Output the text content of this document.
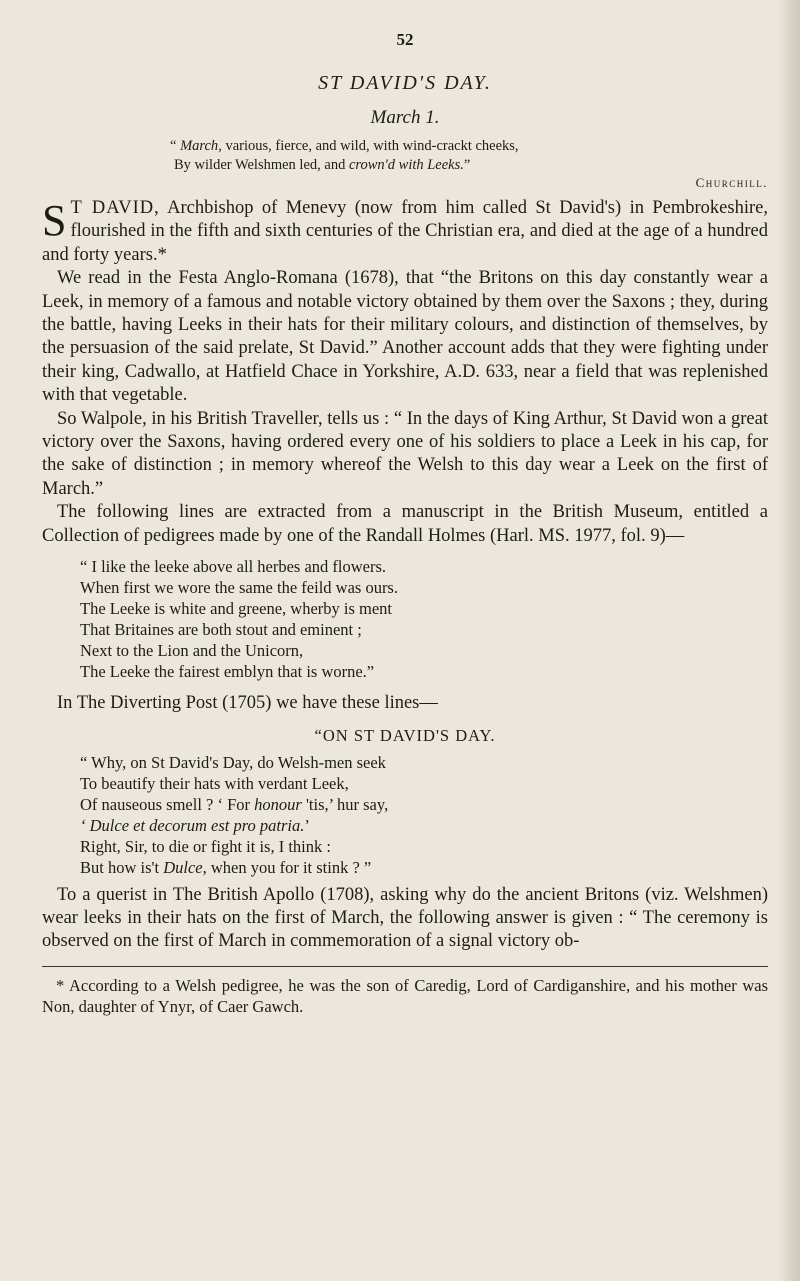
52
ST DAVID'S DAY.
March 1.
“ March, various, fierce, and wild, with wind-crackt cheeks,
By wilder Welshmen led, and crown'd with Leeks.”
Churchill.

S T DAVID, Archbishop of Menevy (now from him called St David's) in Pembrokeshire, flourished in the fifth and sixth centuries of the Christian era, and died at the age of a hundred and forty years.*

We read in the Festa Anglo-Romana (1678), that “the Britons on this day constantly wear a Leek, in memory of a famous and notable victory obtained by them over the Saxons ; they, during the battle, having Leeks in their hats for their military colours, and distinction of themselves, by the persuasion of the said prelate, St David.” Another account adds that they were fighting under their king, Cadwallo, at Hatfield Chace in Yorkshire, A.D. 633, near a field that was replenished with that vegetable.

So Walpole, in his British Traveller, tells us : “ In the days of King Arthur, St David won a great victory over the Saxons, having ordered every one of his soldiers to place a Leek in his cap, for the sake of distinction ; in memory whereof the Welsh to this day wear a Leek on the first of March.”

The following lines are extracted from a manuscript in the British Museum, entitled a Collection of pedigrees made by one of the Randall Holmes (Harl. MS. 1977, fol. 9)—

“ I like the leeke above all herbes and flowers.
When first we wore the same the feild was ours.
The Leeke is white and greene, wherby is ment
That Britaines are both stout and eminent ;
Next to the Lion and the Unicorn,
The Leeke the fairest emblyn that is worne.”

In The Diverting Post (1705) we have these lines—

“ON ST DAVID'S DAY.
“ Why, on St David's Day, do Welsh-men seek
To beautify their hats with verdant Leek,
Of nauseous smell ? ‘ For honour 'tis,’ hur say,
‘ Dulce et decorum est pro patria.’
Right, Sir, to die or fight it is, I think :
But how is't Dulce, when you for it stink ? ”

To a querist in The British Apollo (1708), asking why do the ancient Britons (viz. Welshmen) wear leeks in their hats on the first of March, the following answer is given : “ The ceremony is observed on the first of March in commemoration of a signal victory ob-

* According to a Welsh pedigree, he was the son of Caredig, Lord of Cardiganshire, and his mother was Non, daughter of Ynyr, of Caer Gawch.
